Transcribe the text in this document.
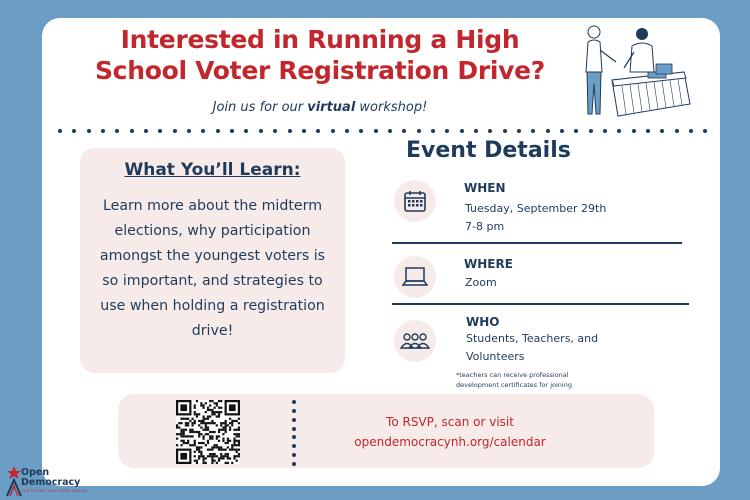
Interested in Running a High
School Voter Registration Drive?
Join us for our virtual workshop!
What You’ll Learn:
Learn more about the midterm elections, why participation amongst the youngest voters is so important, and strategies to use when holding a registration drive!
Event Details
WHEN
Tuesday, September 29th
7-8 pm
WHERE
Zoom
WHO
Students, Teachers, and
Volunteers
*teachers can receive professional development certificates for joining
To RSVP, scan or visit
opendemocracynh.org/calendar
Open
Democracy
OUR VOICES. OUR VOTES. OUR NH.
